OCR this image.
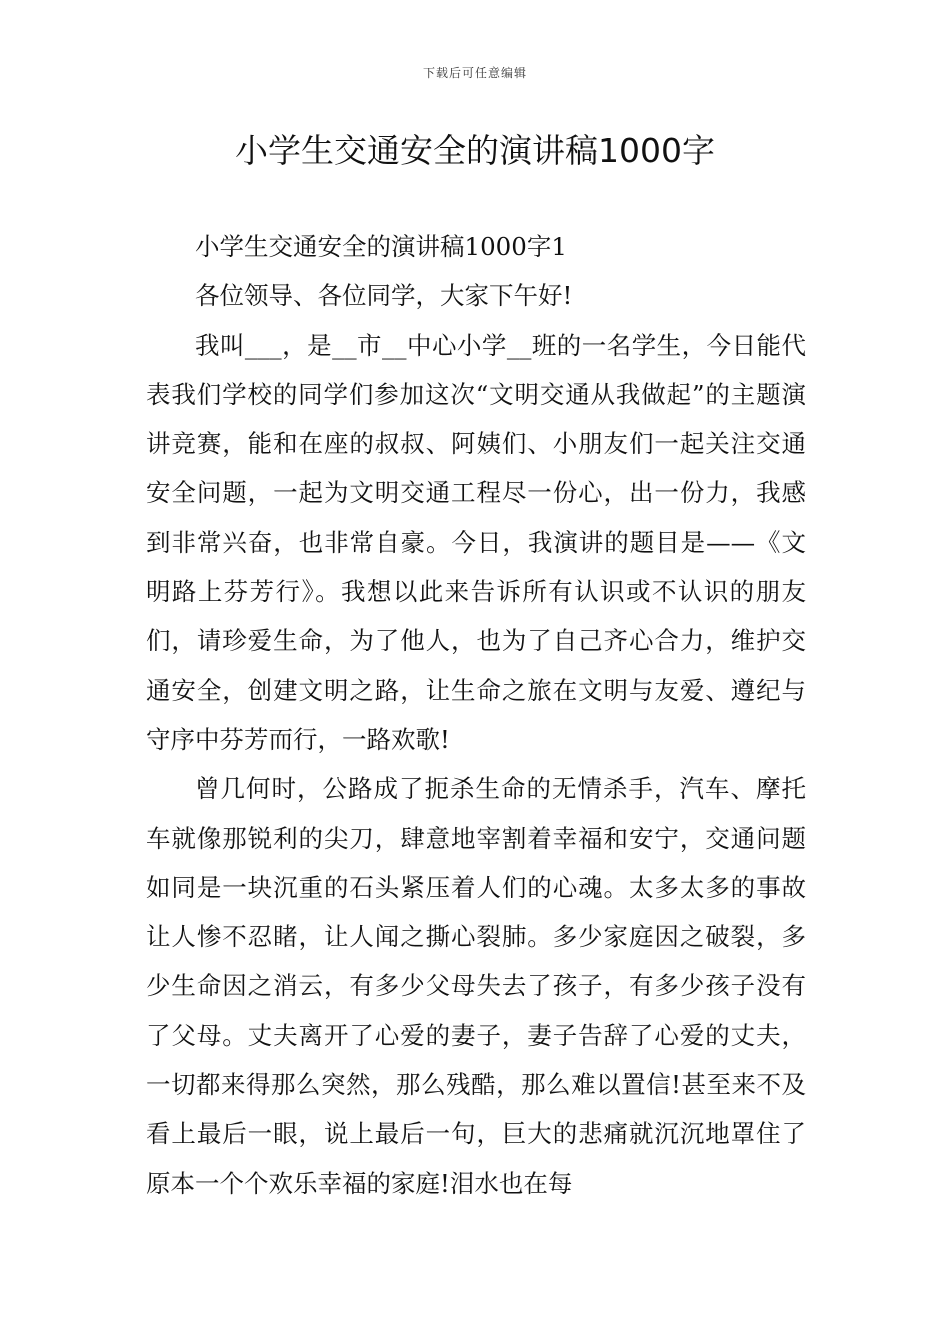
下载后可任意编辑
小学生交通安全的演讲稿1000字

小学生交通安全的演讲稿1000字1

各位领导、各位同学，大家下午好!

我叫___，是__市__中心小学__班的一名学生，今日能代表我们学校的同学们参加这次“文明交通从我做起”的主题演讲竞赛，能和在座的叔叔、阿姨们、小朋友们一起关注交通安全问题，一起为文明交通工程尽一份心，出一份力，我感到非常兴奋，也非常自豪。今日，我演讲的题目是——《文明路上芬芳行》。我想以此来告诉所有认识或不认识的朋友们，请珍爱生命，为了他人，也为了自己齐心合力，维护交通安全，创建文明之路，让生命之旅在文明与友爱、遵纪与守序中芬芳而行，一路欢歌!

曾几何时，公路成了扼杀生命的无情杀手，汽车、摩托车就像那锐利的尖刀，肆意地宰割着幸福和安宁，交通问题如同是一块沉重的石头紧压着人们的心魂。太多太多的事故让人惨不忍睹，让人闻之撕心裂肺。多少家庭因之破裂，多少生命因之消云，有多少父母失去了孩子，有多少孩子没有了父母。丈夫离开了心爱的妻子，妻子告辞了心爱的丈夫，一切都来得那么突然，那么残酷，那么难以置信!甚至来不及看上最后一眼，说上最后一句，巨大的悲痛就沉沉地罩住了原本一个个欢乐幸福的家庭!泪水也在每
